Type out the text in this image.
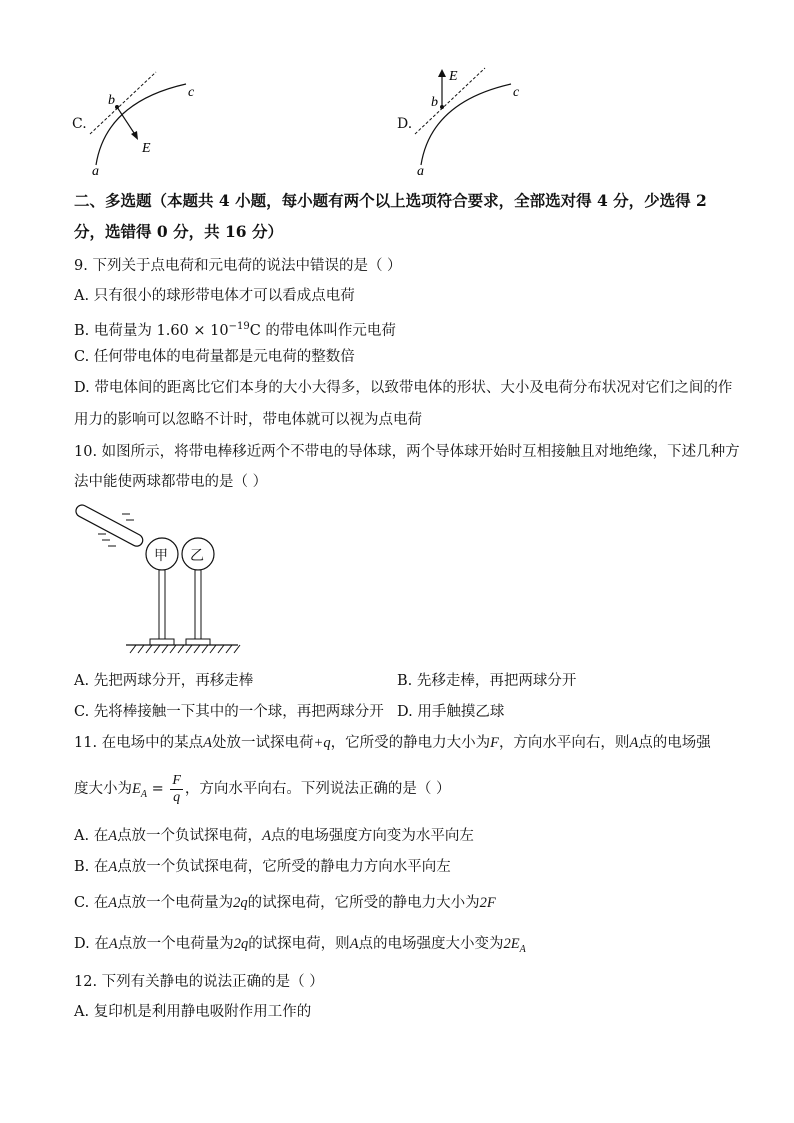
C.
b
c
a
E
D.
E
b
c
a
二、多选题（本题共 4 小题，每小题有两个以上选项符合要求，全部选对得 4 分，少选得 2
分，选错得 0 分，共 16 分）
9. 下列关于点电荷和元电荷的说法中错误的是（ ）
A. 只有很小的球形带电体才可以看成点电荷
B. 电荷量为 $1.60 \times 10^{-19}C$ 的带电体叫作元电荷
C. 任何带电体的电荷量都是元电荷的整数倍
D. 带电体间的距离比它们本身的大小大得多，以致带电体的形状、大小及电荷分布状况对它们之间的作
用力的影响可以忽略不计时，带电体就可以视为点电荷
10. 如图所示，将带电棒移近两个不带电的导体球，两个导体球开始时互相接触且对地绝缘，下述几种方
法中能使两球都带电的是（ ）
甲 乙
A. 先把两球分开，再移走棒	B. 先移走棒，再把两球分开
C. 先将棒接触一下其中的一个球，再把两球分开 D. 用手触摸乙球
11. 在电场中的某点A处放一试探电荷+q，它所受的静电力大小为F，方向水平向右，则A点的电场强
度大小为$E_A = \frac{F}{q}$ ，方向水平向右。下列说法正确的是（ ）
A. 在A点放一个负试探电荷，A点的电场强度方向变为水平向左
B. 在A点放一个负试探电荷，它所受的静电力方向水平向左
C. 在A点放一个电荷量为2q的试探电荷，它所受的静电力大小为2F
D. 在A点放一个电荷量为2q的试探电荷，则A点的电场强度大小变为$2E_A$
12. 下列有关静电的说法正确的是（ ）
A. 复印机是利用静电吸附作用工作的
